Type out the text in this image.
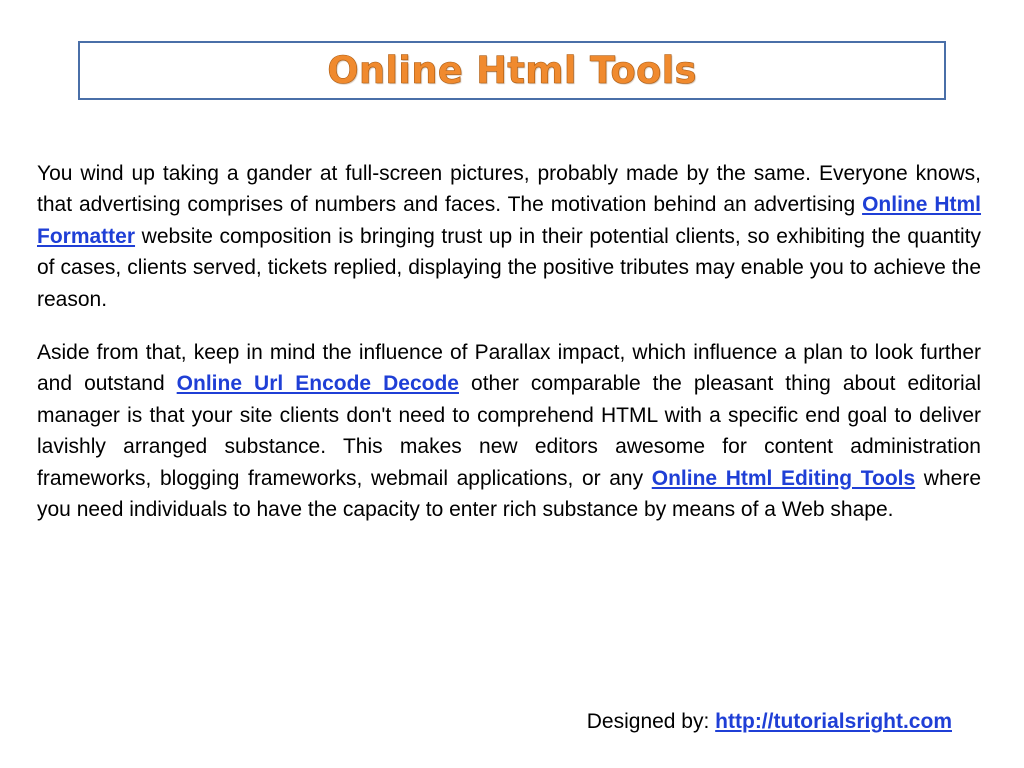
Online Html Tools

You wind up taking a gander at full-screen pictures, probably made by the same. Everyone knows, that advertising comprises of numbers and faces. The motivation behind an advertising Online Html Formatter website composition is bringing trust up in their potential clients, so exhibiting the quantity of cases, clients served, tickets replied, displaying the positive tributes may enable you to achieve the reason.

Aside from that, keep in mind the influence of Parallax impact, which influence a plan to look further and outstand Online Url Encode Decode other comparable the pleasant thing about editorial manager is that your site clients don't need to comprehend HTML with a specific end goal to deliver lavishly arranged substance. This makes new editors awesome for content administration frameworks, blogging frameworks, webmail applications, or any Online Html Editing Tools where you need individuals to have the capacity to enter rich substance by means of a Web shape.

Designed by: http://tutorialsright.com
